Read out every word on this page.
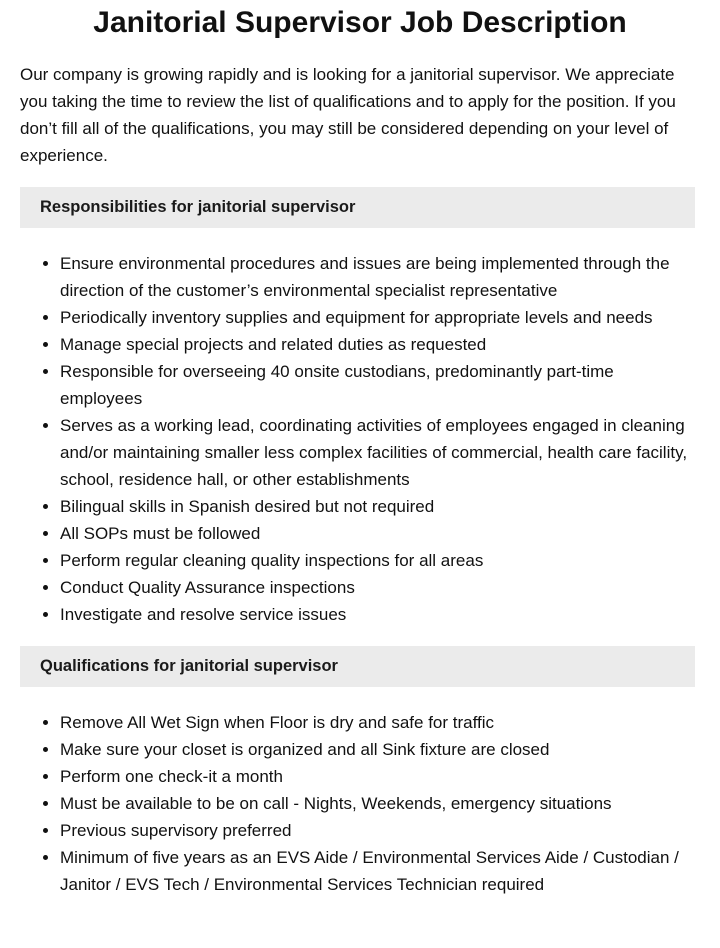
Janitorial Supervisor Job Description

Our company is growing rapidly and is looking for a janitorial supervisor. We appreciate you taking the time to review the list of qualifications and to apply for the position. If you don’t fill all of the qualifications, you may still be considered depending on your level of experience.

Responsibilities for janitorial supervisor
• Ensure environmental procedures and issues are being implemented through the direction of the customer’s environmental specialist representative
• Periodically inventory supplies and equipment for appropriate levels and needs
• Manage special projects and related duties as requested
• Responsible for overseeing 40 onsite custodians, predominantly part-time employees
• Serves as a working lead, coordinating activities of employees engaged in cleaning and/or maintaining smaller less complex facilities of commercial, health care facility, school, residence hall, or other establishments
• Bilingual skills in Spanish desired but not required
• All SOPs must be followed
• Perform regular cleaning quality inspections for all areas
• Conduct Quality Assurance inspections
• Investigate and resolve service issues
Qualifications for janitorial supervisor
• Remove All Wet Sign when Floor is dry and safe for traffic
• Make sure your closet is organized and all Sink fixture are closed
• Perform one check-it a month
• Must be available to be on call - Nights, Weekends, emergency situations
• Previous supervisory preferred
• Minimum of five years as an EVS Aide / Environmental Services Aide / Custodian / Janitor / EVS Tech / Environmental Services Technician required
